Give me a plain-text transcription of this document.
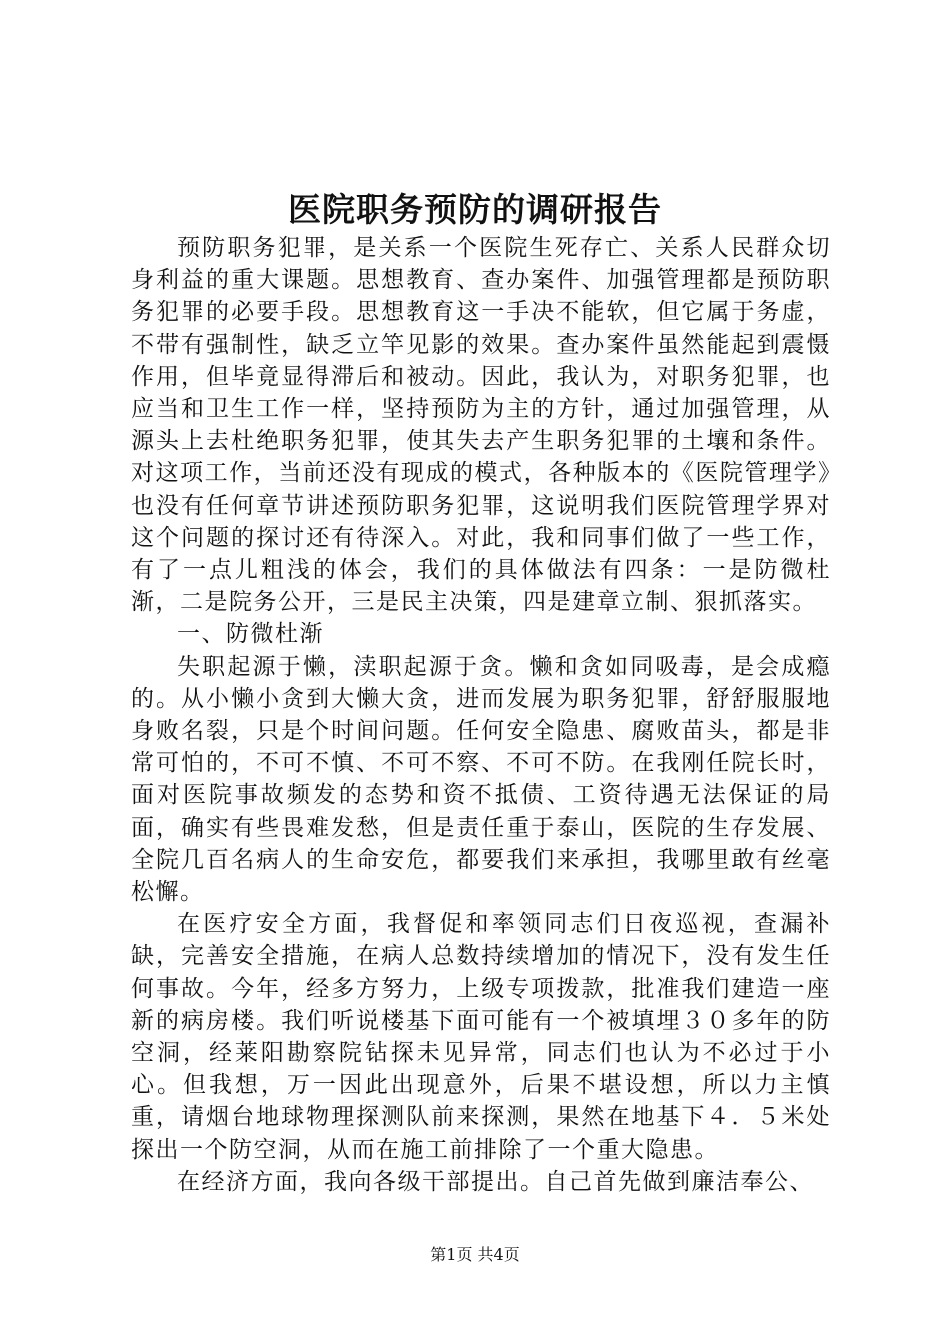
医院职务预防的调研报告

预防职务犯罪，是关系一个医院生死存亡、关系人民群众切身利益的重大课题。思想教育、查办案件、加强管理都是预防职务犯罪的必要手段。思想教育这一手决不能软，但它属于务虚，不带有强制性，缺乏立竿见影的效果。查办案件虽然能起到震慑作用，但毕竟显得滞后和被动。因此，我认为，对职务犯罪，也应当和卫生工作一样，坚持预防为主的方针，通过加强管理，从源头上去杜绝职务犯罪，使其失去产生职务犯罪的土壤和条件。对这项工作，当前还没有现成的模式，各种版本的《医院管理学》也没有任何章节讲述预防职务犯罪，这说明我们医院管理学界对这个问题的探讨还有待深入。对此，我和同事们做了一些工作，有了一点儿粗浅的体会，我们的具体做法有四条：一是防微杜渐，二是院务公开，三是民主决策，四是建章立制、狠抓落实。

一、防微杜渐

失职起源于懒，渎职起源于贪。懒和贪如同吸毒，是会成瘾的。从小懒小贪到大懒大贪，进而发展为职务犯罪，舒舒服服地身败名裂，只是个时间问题。任何安全隐患、腐败苗头，都是非常可怕的，不可不慎、不可不察、不可不防。在我刚任院长时，面对医院事故频发的态势和资不抵债、工资待遇无法保证的局面，确实有些畏难发愁，但是责任重于泰山，医院的生存发展、全院几百名病人的生命安危，都要我们来承担，我哪里敢有丝毫松懈。

在医疗安全方面，我督促和率领同志们日夜巡视，查漏补缺，完善安全措施，在病人总数持续增加的情况下，没有发生任何事故。今年，经多方努力，上级专项拨款，批准我们建造一座新的病房楼。我们听说楼基下面可能有一个被填埋３０多年的防空洞，经莱阳勘察院钻探未见异常，同志们也认为不必过于小心。但我想，万一因此出现意外，后果不堪设想，所以力主慎重，请烟台地球物理探测队前来探测，果然在地基下４．５米处探出一个防空洞，从而在施工前排除了一个重大隐患。

在经济方面，我向各级干部提出。自己首先做到廉洁奉公、

第1页 共4页
